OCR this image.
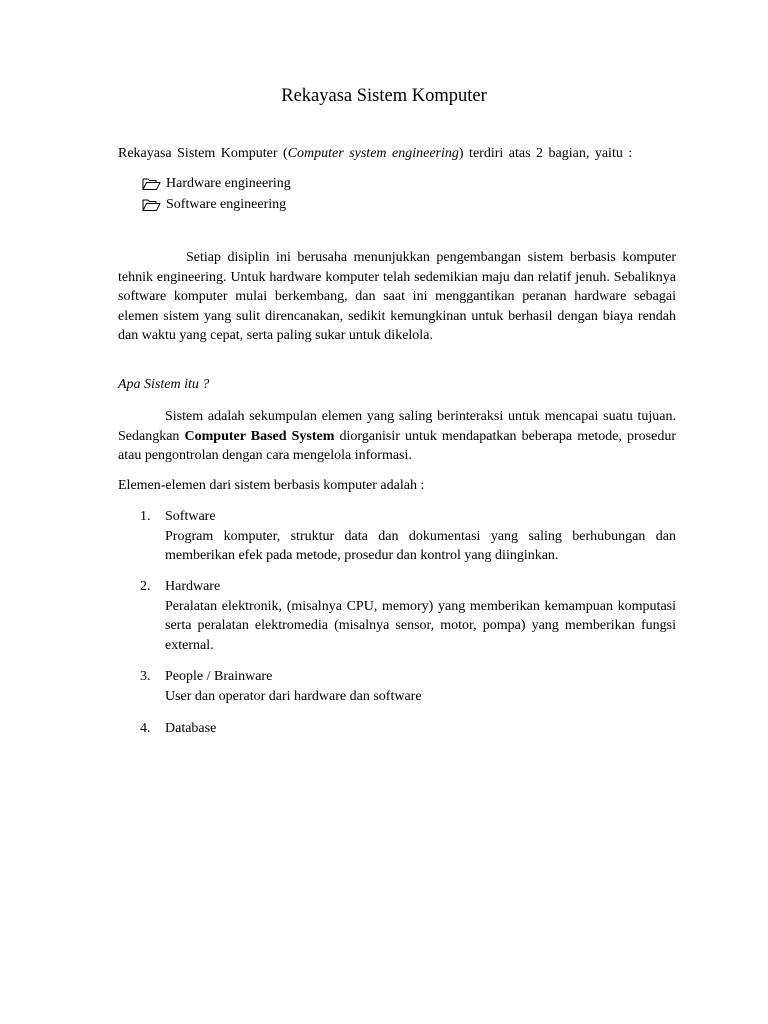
Rekayasa Sistem Komputer
Rekayasa Sistem Komputer (Computer system engineering) terdiri atas 2 bagian, yaitu :
Hardware engineering
Software engineering
Setiap disiplin ini berusaha menunjukkan pengembangan sistem berbasis komputer tehnik engineering. Untuk hardware komputer telah sedemikian maju dan relatif jenuh. Sebaliknya software komputer mulai berkembang, dan saat ini menggantikan peranan hardware sebagai elemen sistem yang sulit direncanakan, sedikit kemungkinan untuk berhasil dengan biaya rendah dan waktu yang cepat, serta paling sukar untuk dikelola.
Apa Sistem itu ?
Sistem adalah sekumpulan elemen yang saling berinteraksi untuk mencapai suatu tujuan. Sedangkan Computer Based System diorganisir untuk mendapatkan beberapa metode, prosedur atau pengontrolan dengan cara mengelola informasi.
Elemen-elemen dari sistem berbasis komputer adalah :
1. Software
Program komputer, struktur data dan dokumentasi yang saling berhubungan dan memberikan efek pada metode, prosedur dan kontrol yang diinginkan.
2. Hardware
Peralatan elektronik, (misalnya CPU, memory) yang memberikan kemampuan komputasi serta peralatan elektromedia (misalnya sensor, motor, pompa) yang memberikan fungsi external.
3. People / Brainware
User dan operator dari hardware dan software
4. Database
